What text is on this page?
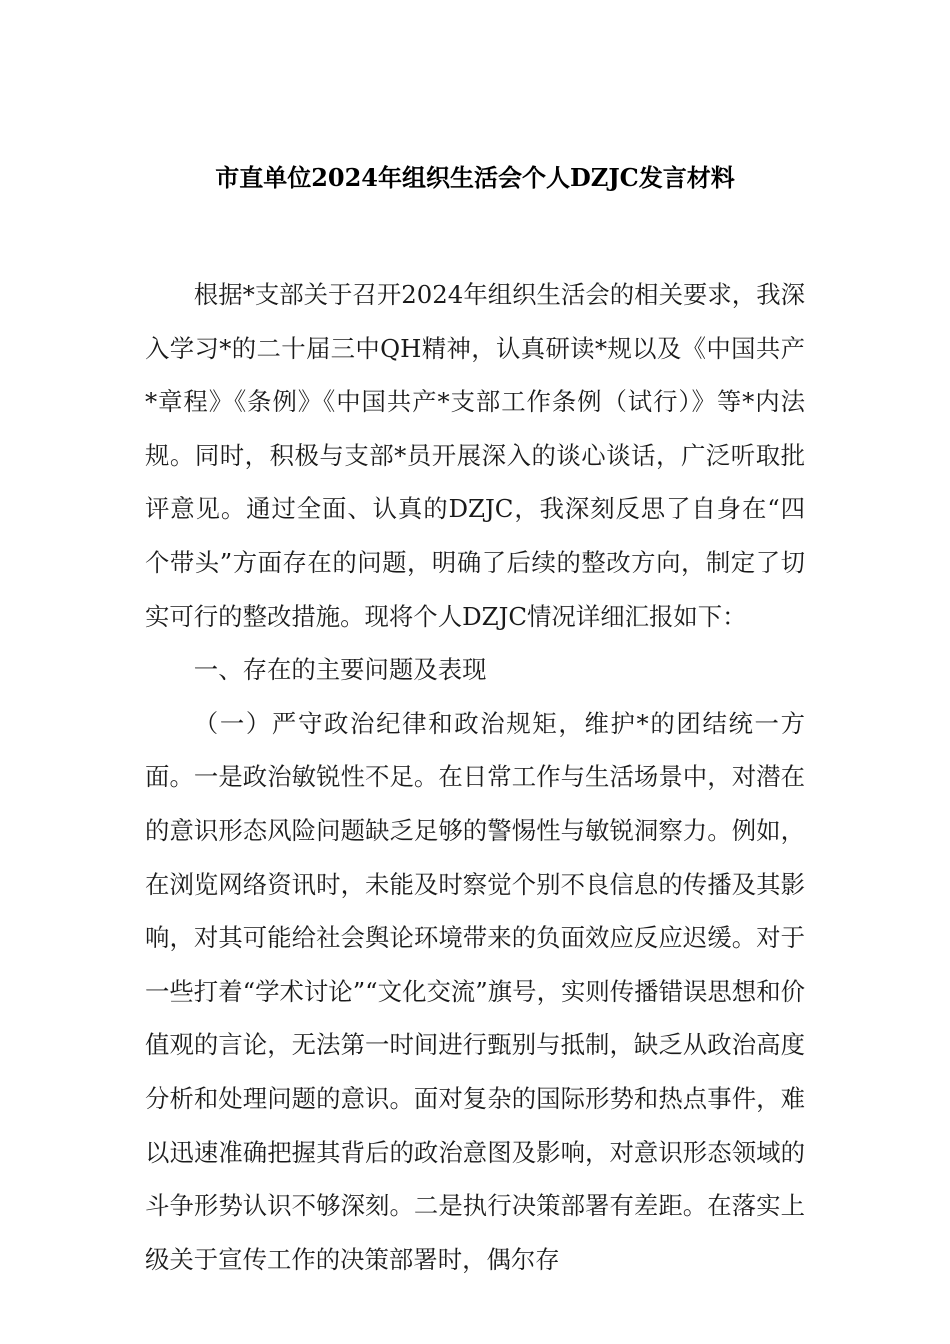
市直单位2024年组织生活会个人DZJC发言材料

根据*支部关于召开2024年组织生活会的相关要求，我深入学习*的二十届三中QH精神，认真研读*规以及《中国共产*章程》《条例》《中国共产*支部工作条例（试行）》等*内法规。同时，积极与支部*员开展深入的谈心谈话，广泛听取批评意见。通过全面、认真的DZJC，我深刻反思了自身在“四个带头”方面存在的问题，明确了后续的整改方向，制定了切实可行的整改措施。现将个人DZJC情况详细汇报如下：

一、存在的主要问题及表现

（一）严守政治纪律和政治规矩，维护*的团结统一方面。一是政治敏锐性不足。在日常工作与生活场景中，对潜在的意识形态风险问题缺乏足够的警惕性与敏锐洞察力。例如，在浏览网络资讯时，未能及时察觉个别不良信息的传播及其影响，对其可能给社会舆论环境带来的负面效应反应迟缓。对于一些打着“学术讨论”“文化交流”旗号，实则传播错误思想和价值观的言论，无法第一时间进行甄别与抵制，缺乏从政治高度分析和处理问题的意识。面对复杂的国际形势和热点事件，难以迅速准确把握其背后的政治意图及影响，对意识形态领域的斗争形势认识不够深刻。二是执行决策部署有差距。在落实上级关于宣传工作的决策部署时，偶尔存
